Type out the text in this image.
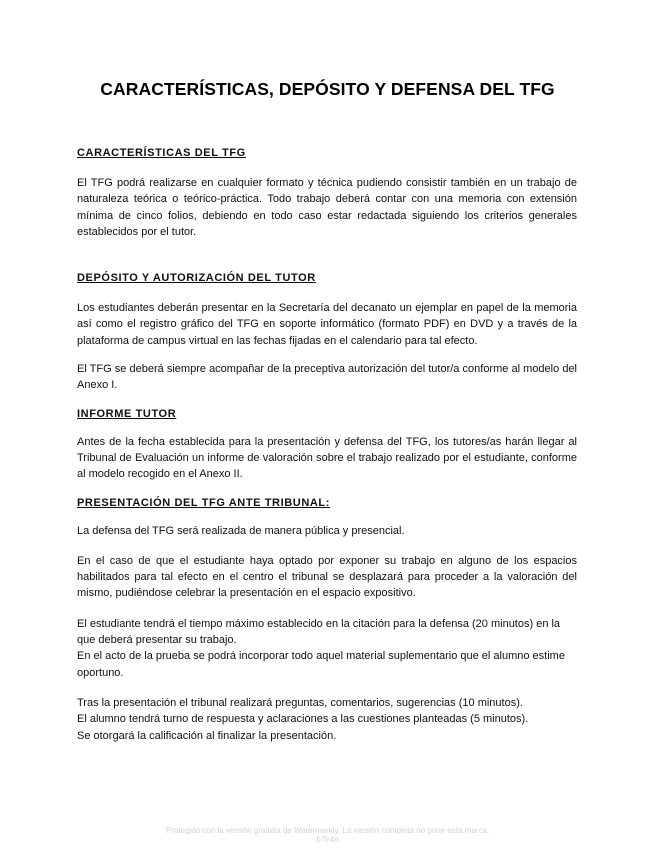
CARACTERÍSTICAS, DEPÓSITO Y DEFENSA DEL TFG

CARACTERÍSTICAS DEL TFG

El TFG podrá realizarse en cualquier formato y técnica pudiendo consistir también en un trabajo de naturaleza teórica o teórico-práctica. Todo trabajo deberá contar con una memoria con extensión mínima de cinco folios, debiendo en todo caso estar redactada siguiendo los criterios generales establecidos por el tutor.

DEPÓSITO Y AUTORIZACIÓN DEL TUTOR

Los estudiantes deberán presentar en la Secretaría del decanato un ejemplar en papel de la memoria así como el registro gráfico del TFG en soporte informático (formato PDF) en DVD y a través de la plataforma de campus virtual en las fechas fijadas en el calendario para tal efecto.

El TFG se deberá siempre acompañar de la preceptiva autorización del tutor/a conforme al modelo del Anexo I.

INFORME TUTOR

Antes de la fecha establecida para la presentación y defensa del TFG, los tutores/as harán llegar al Tribunal de Evaluación un informe de valoración sobre el trabajo realizado por el estudiante, conforme al modelo recogido en el Anexo II.

PRESENTACIÓN DEL TFG ANTE TRIBUNAL:

La defensa del TFG será realizada de manera pública y presencial.

En el caso de que el estudiante haya optado por exponer su trabajo en alguno de los espacios habilitados para tal efecto en el centro el tribunal se desplazará para proceder a la valoración del mismo, pudiéndose celebrar la presentación en el espacio expositivo.

El estudiante tendrá el tiempo máximo establecido en la citación para la defensa (20 minutos) en la que deberá presentar su trabajo.

En el acto de la prueba se podrá incorporar todo aquel material suplementario que el alumno estime oportuno.

Tras la presentación el tribunal realizará preguntas, comentarios, sugerencias (10 minutos).

El alumno tendrá turno de respuesta y aclaraciones a las cuestiones planteadas (5 minutos).

Se otorgará la calificación al finalizar la presentación.

Protegido con la versión gratuita de Watermarkly. La versión completa no pone esta marca.
b7lr4n
